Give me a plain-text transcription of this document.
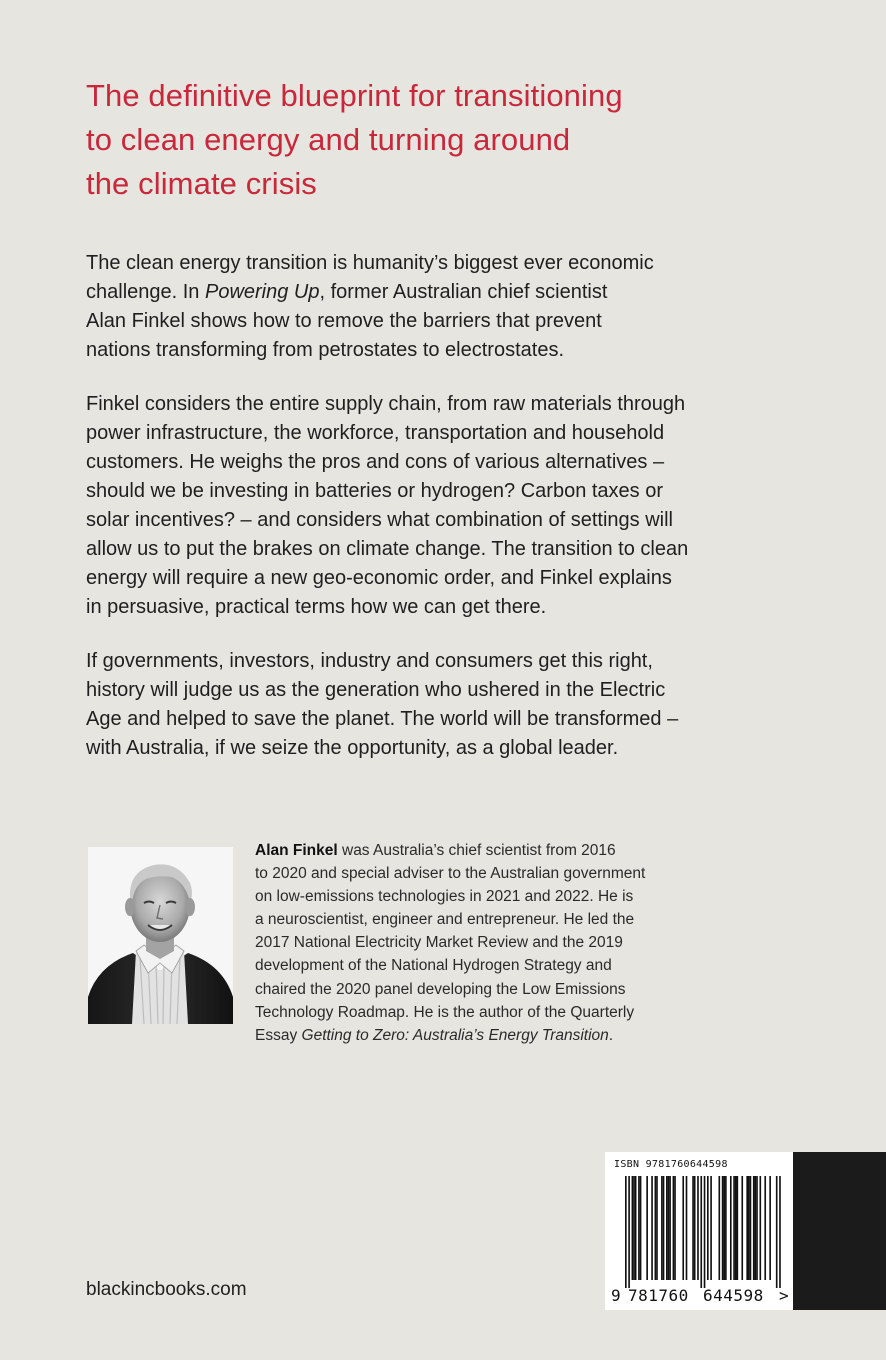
The definitive blueprint for transitioning
to clean energy and turning around
the climate crisis

The clean energy transition is humanity’s biggest ever economic
challenge. In Powering Up, former Australian chief scientist
Alan Finkel shows how to remove the barriers that prevent
nations transforming from petrostates to electrostates.

Finkel considers the entire supply chain, from raw materials through
power infrastructure, the workforce, transportation and household
customers. He weighs the pros and cons of various alternatives –
should we be investing in batteries or hydrogen? Carbon taxes or
solar incentives? – and considers what combination of settings will
allow us to put the brakes on climate change. The transition to clean
energy will require a new geo-economic order, and Finkel explains
in persuasive, practical terms how we can get there.

If governments, investors, industry and consumers get this right,
history will judge us as the generation who ushered in the Electric
Age and helped to save the planet. The world will be transformed –
with Australia, if we seize the opportunity, as a global leader.

Alan Finkel was Australia’s chief scientist from 2016
to 2020 and special adviser to the Australian government
on low-emissions technologies in 2021 and 2022. He is
a neuroscientist, engineer and entrepreneur. He led the
2017 National Electricity Market Review and the 2019
development of the National Hydrogen Strategy and
chaired the 2020 panel developing the Low Emissions
Technology Roadmap. He is the author of the Quarterly
Essay Getting to Zero: Australia’s Energy Transition.
blackincbooks.com
ISBN 9781760644598
9 781760 644598 >
